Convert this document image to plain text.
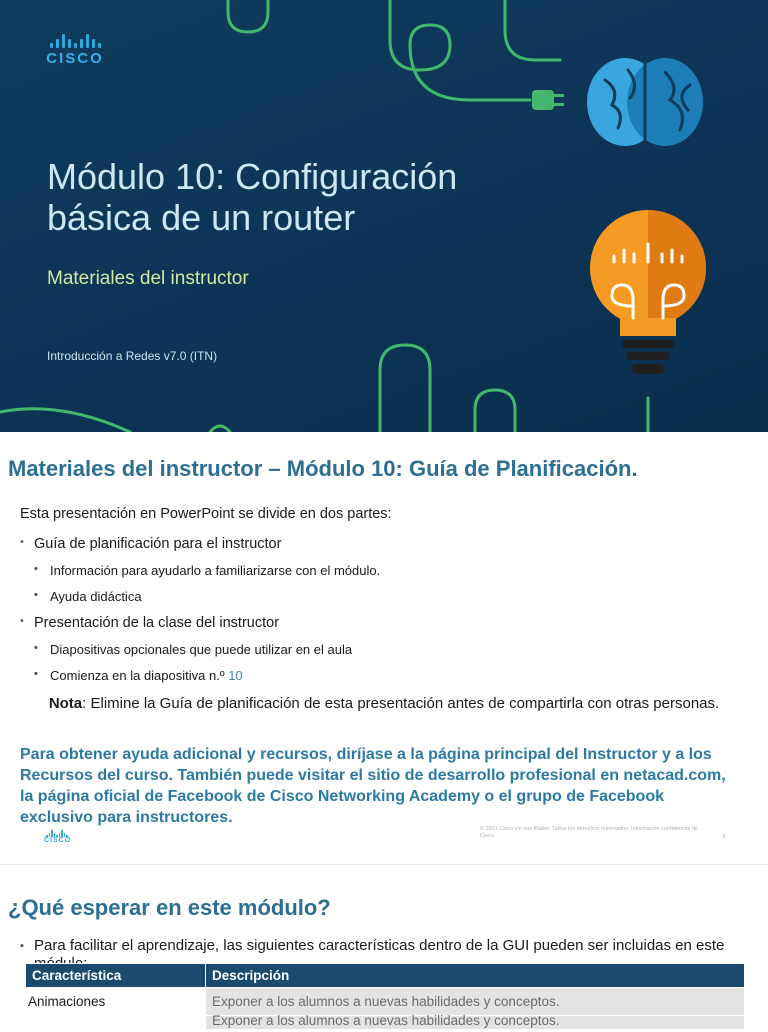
CISCO
Módulo 10: Configuración básica de un router
Materiales del instructor
Introducción a Redes v7.0 (ITN)
Materiales del instructor – Módulo 10: Guía de Planificación.

Esta presentación en PowerPoint se divide en dos partes:

• Guía de planificación para el instructor
• Información para ayudarlo a familiarizarse con el módulo.
• Ayuda didáctica
• Presentación de la clase del instructor
• Diapositivas opcionales que puede utilizar en el aula
• Comienza en la diapositiva n.º 10

Nota: Elimine la Guía de planificación de esta presentación antes de compartirla con otras personas.

Para obtener ayuda adicional y recursos, diríjase a la página principal del Instructor y a los Recursos del curso. También puede visitar el sitio de desarrollo profesional en netacad.com, la página oficial de Facebook de Cisco Networking Academy o el grupo de Facebook exclusivo para instructores.

CISCO
© 2021 Cisco y/o sus filiales. Todos los derechos reservados. Información confidencial de Cisco	3
¿Qué esperar en este módulo?

▪ Para facilitar el aprendizaje, las siguientes características dentro de la GUI pueden ser incluidas en este

Característica	Descripción
Animaciones	Exponer a los alumnos a nuevas habilidades y conceptos.

	Exponer a los alumnos a nuevas habilidades y conceptos.
